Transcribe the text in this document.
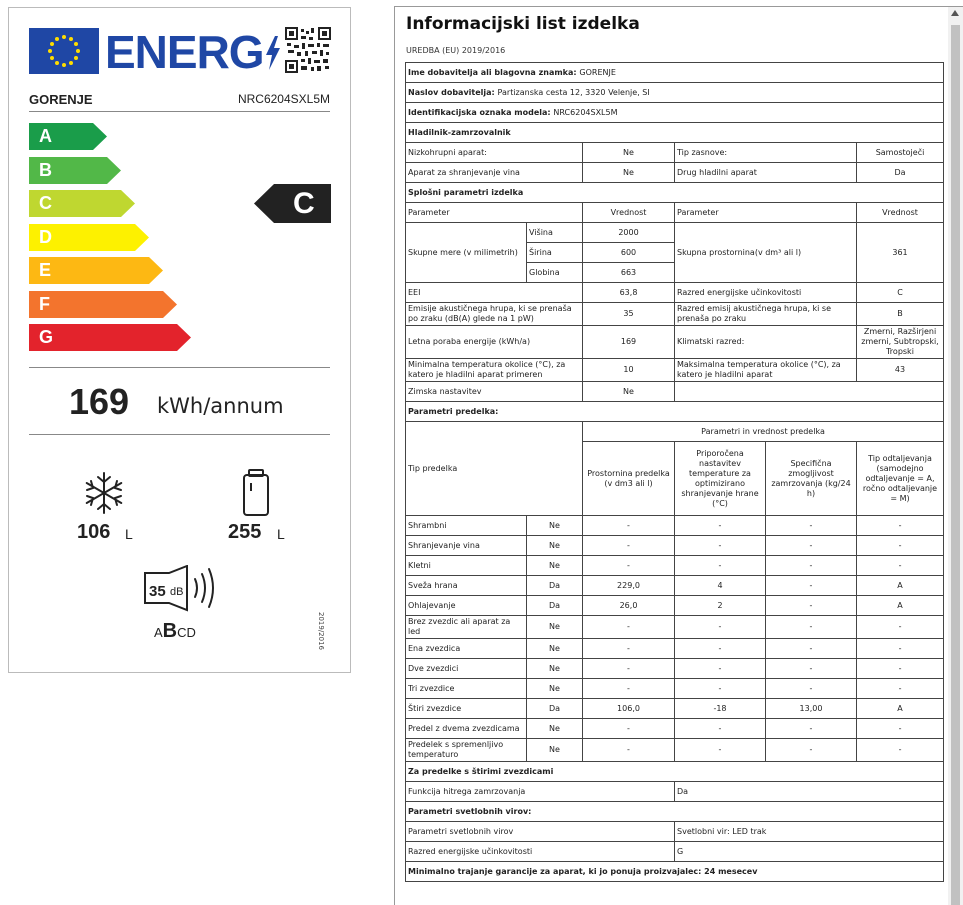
ENERG
GORENJE	NRC6204SXL5M
A
B
C
D
E
F
G
C
169 kWh/annum
106 L	255 L
35 dB
ABCD	2019/2016
Informacijski list izdelka
UREDBA (EU) 2019/2016
Ime dobavitelja ali blagovna znamka: GORENJE					
Naslov dobavitelja: Partizanska cesta 12, 3320 Velenje, SI					
Identifikacijska oznaka modela: NRC6204SXL5M					
Hladilnik-zamrzovalnik					
Nizkohrupni aparat:		Ne	Tip zasnove:		Samostoječi
Aparat za shranjevanje vina		Ne	Drug hladilni aparat		Da
Splošni parametri izdelka					
Parameter		Vrednost	Parameter		Vrednost
Skupne mere (v milimetrih)	Višina	2000	Skupna prostornina(v dm³ ali l)		361
	Širina	600			
	Globina	663			
EEI		63,8	Razred energijske učinkovitosti		C
Emisije akustičnega hrupa, ki se prenaša po zraku (dB(A) glede na 1 pW)		35	Razred emisij akustičnega hrupa, ki se prenaša po zraku		B
Letna poraba energije (kWh/a)		169	Klimatski razred:		Zmerni, Razširjeni zmerni, Subtropski, Tropski
Minimalna temperatura okolice (°C), za katero je hladilni aparat primeren		10	Maksimalna temperatura okolice (°C), za katero je hladilni aparat		43
Zimska nastavitev		Ne			
Parametri predelka:					
Tip predelka		Parametri in vrednost predelka			
		Prostornina predelka (v dm3 ali l)	Priporočena nastavitev temperature za optimizirano shranjevanje hrane (°C)	Specifična zmogljivost zamrzovanja (kg/24 h)	Tip odtaljevanja (samodejno odtaljevanje = A, ročno odtaljevanje = M)
Shrambni	Ne	-	-	-	-
Shranjevanje vina	Ne	-	-	-	-
Kletni	Ne	-	-	-	-
Sveža hrana	Da	229,0	4	-	A
Ohlajevanje	Da	26,0	2	-	A
Brez zvezdic ali aparat za led	Ne	-	-	-	-
Ena zvezdica	Ne	-	-	-	-
Dve zvezdici	Ne	-	-	-	-
Tri zvezdice	Ne	-	-	-	-
Štiri zvezdice	Da	106,0	-18	13,00	A
Predel z dvema zvezdicama	Ne	-	-	-	-
Predelek s spremenljivo temperaturo	Ne	-	-	-	-
Za predelke s štirimi zvezdicami					
Funkcija hitrega zamrzovanja			Da		
Parametri svetlobnih virov:					
Parametri svetlobnih virov			Svetlobni vir: LED trak		
Razred energijske učinkovitosti			G		
Minimalno trajanje garancije za aparat, ki jo ponuja proizvajalec: 24 mesecev					
